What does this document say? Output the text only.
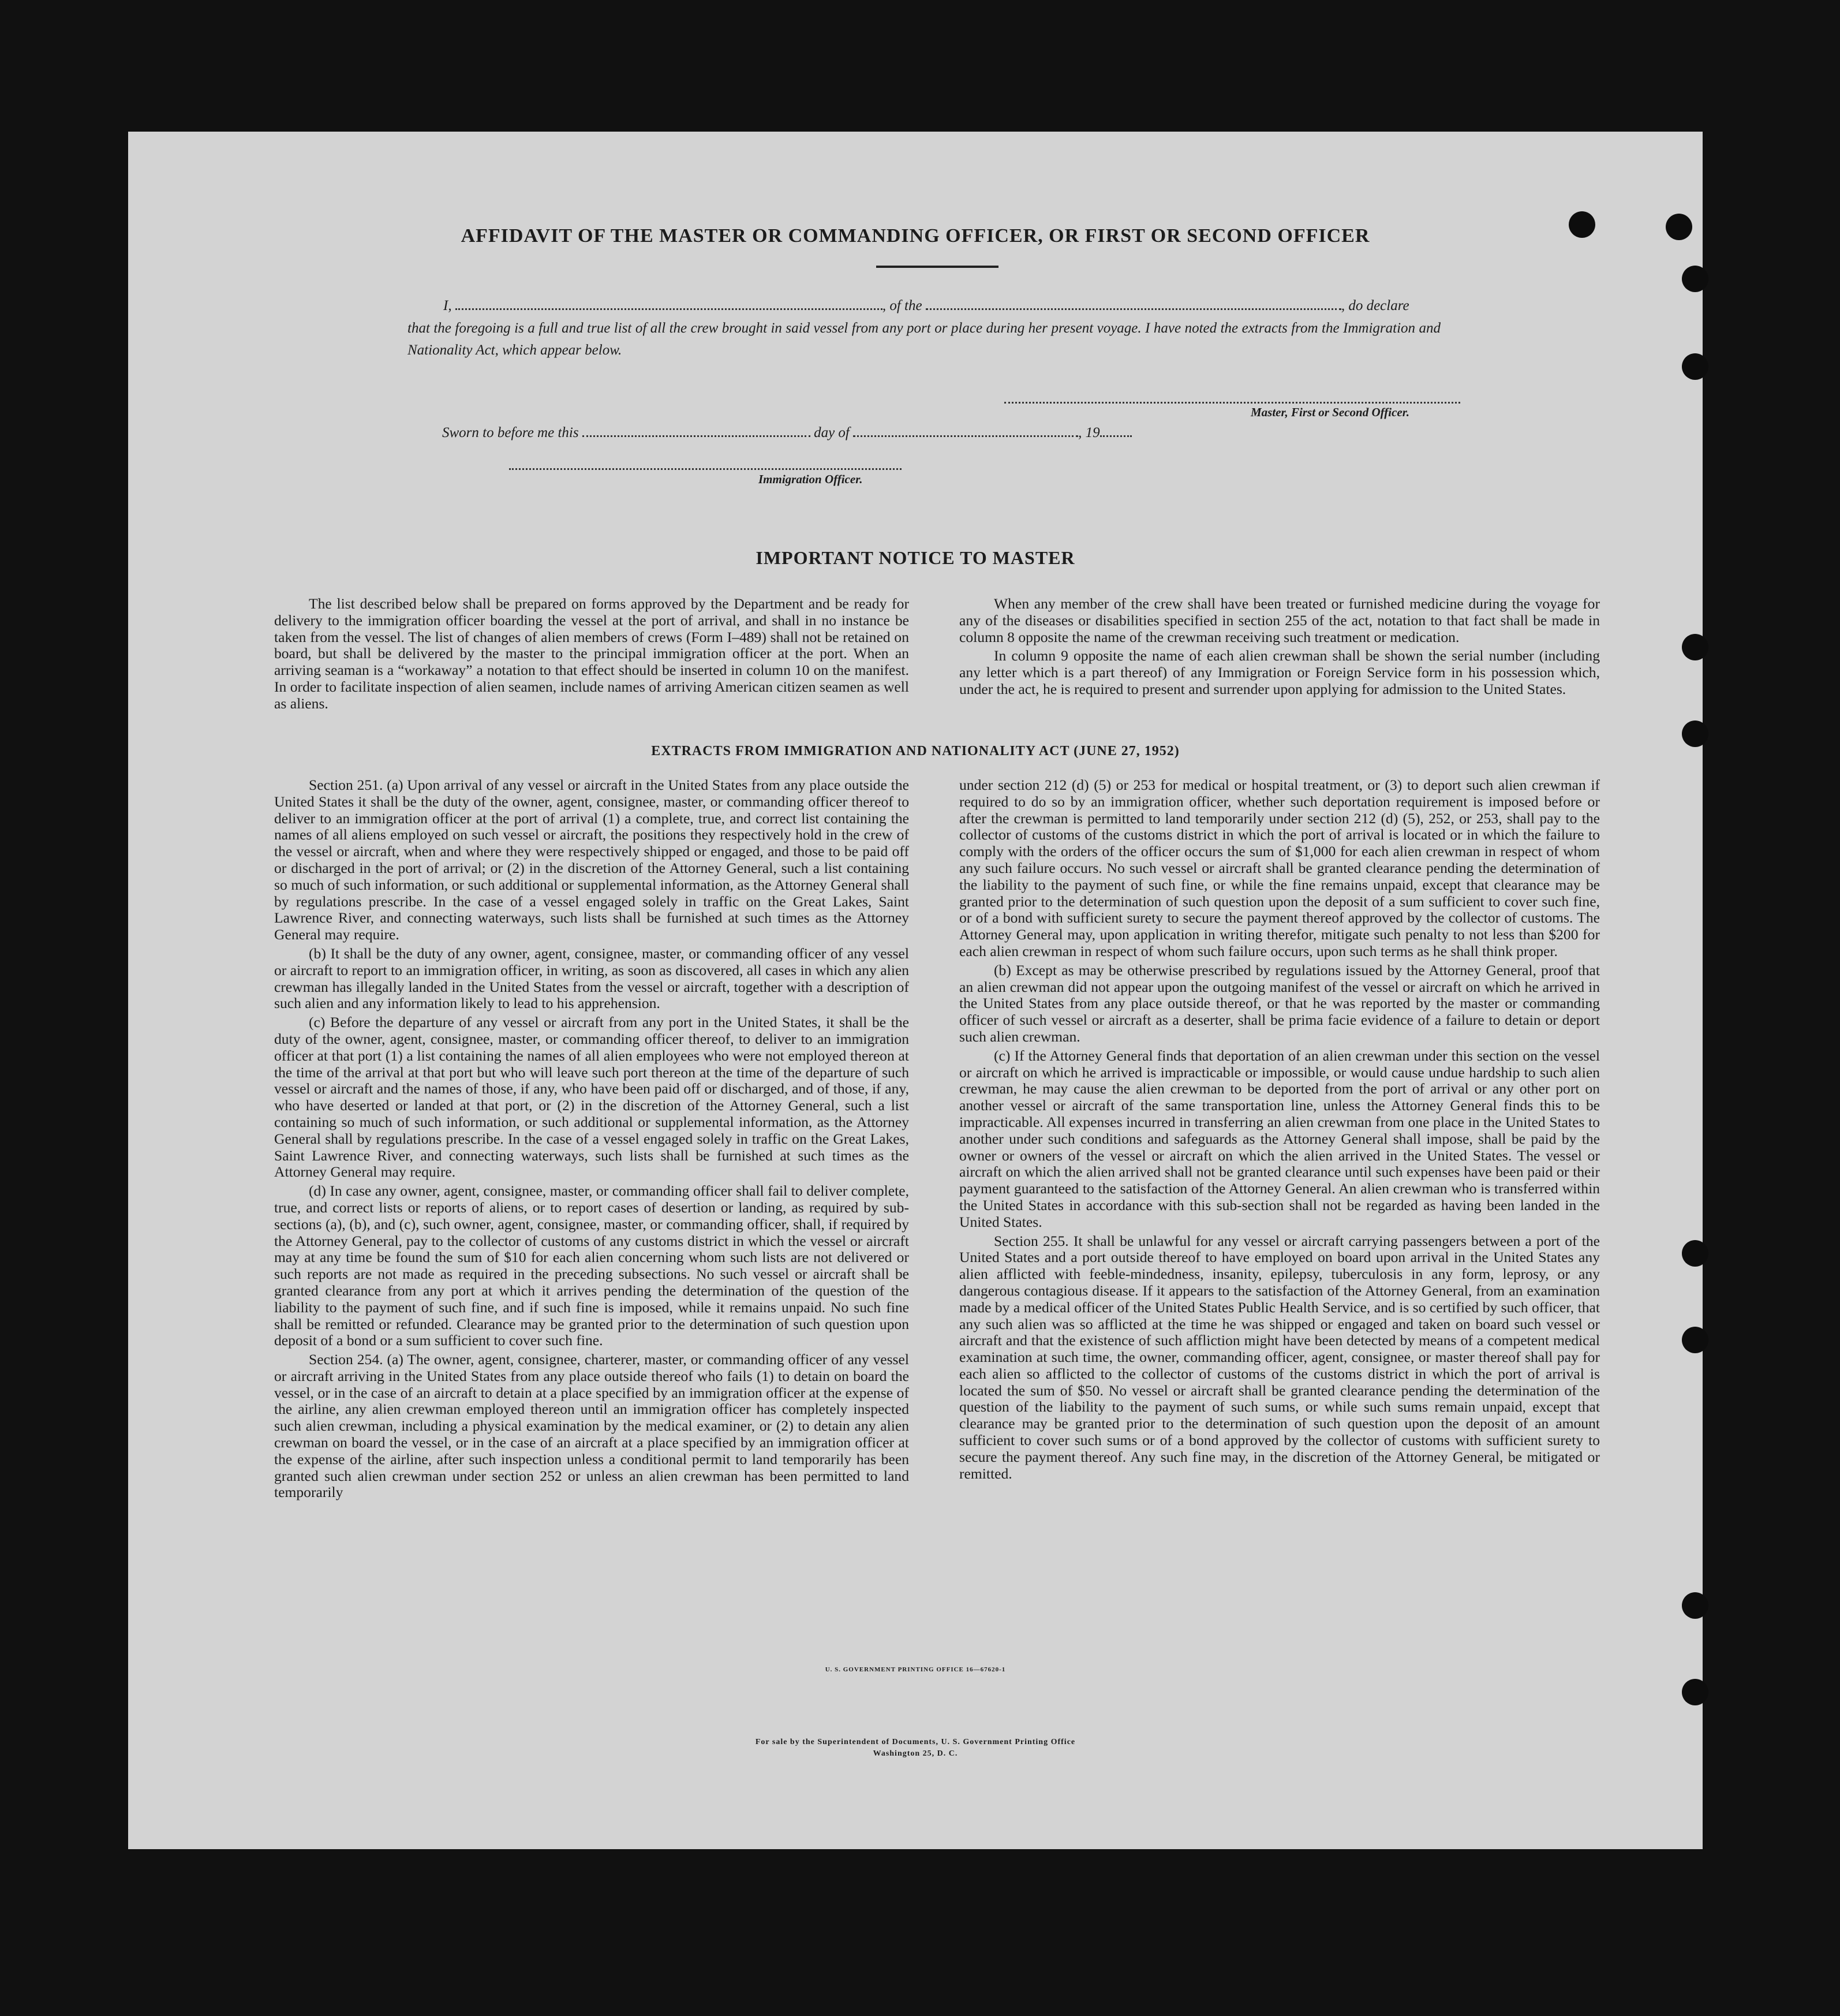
AFFIDAVIT OF THE MASTER OR COMMANDING OFFICER, OR FIRST OR SECOND OFFICER
I,	, of the	, do declare
that the foregoing is a full and true list of all the crew brought in said vessel from any port or place during her present voyage. I have noted the extracts from the Immigration and Nationality Act, which appear below.
Master, First or Second Officer.
Sworn to before me this	day of	, 19
Immigration Officer.
IMPORTANT NOTICE TO MASTER

The list described below shall be prepared on forms approved by the Department and be ready for delivery to the immigration officer boarding the vessel at the port of arrival, and shall in no instance be taken from the vessel. The list of changes of alien members of crews (Form I–489) shall not be retained on board, but shall be delivered by the master to the principal immigration officer at the port. When an arriving seaman is a “workaway” a notation to that effect should be inserted in column 10 on the manifest. In order to facilitate inspection of alien seamen, include names of arriving American citizen seamen as well as aliens.

When any member of the crew shall have been treated or furnished medicine during the voyage for any of the diseases or disabilities specified in section 255 of the act, notation to that fact shall be made in column 8 opposite the name of the crewman receiving such treatment or medication.

In column 9 opposite the name of each alien crewman shall be shown the serial number (including any letter which is a part thereof) of any Immigration or Foreign Service form in his possession which, under the act, he is required to present and surrender upon applying for admission to the United States.

EXTRACTS FROM IMMIGRATION AND NATIONALITY ACT (JUNE 27, 1952)

Section 251. (a) Upon arrival of any vessel or aircraft in the United States from any place outside the United States it shall be the duty of the owner, agent, consignee, master, or commanding officer thereof to deliver to an immigration officer at the port of arrival (1) a complete, true, and correct list containing the names of all aliens employed on such vessel or aircraft, the positions they respectively hold in the crew of the vessel or aircraft, when and where they were respectively shipped or engaged, and those to be paid off or discharged in the port of arrival; or (2) in the discretion of the Attorney General, such a list containing so much of such information, or such additional or supplemental information, as the Attorney General shall by regulations prescribe. In the case of a vessel engaged solely in traffic on the Great Lakes, Saint Lawrence River, and connecting waterways, such lists shall be furnished at such times as the Attorney General may require.

(b) It shall be the duty of any owner, agent, consignee, master, or commanding officer of any vessel or aircraft to report to an immigration officer, in writing, as soon as discovered, all cases in which any alien crewman has illegally landed in the United States from the vessel or aircraft, together with a description of such alien and any information likely to lead to his apprehension.

(c) Before the departure of any vessel or aircraft from any port in the United States, it shall be the duty of the owner, agent, consignee, master, or commanding officer thereof, to deliver to an immigration officer at that port (1) a list containing the names of all alien employees who were not employed thereon at the time of the arrival at that port but who will leave such port thereon at the time of the departure of such vessel or aircraft and the names of those, if any, who have been paid off or discharged, and of those, if any, who have deserted or landed at that port, or (2) in the discretion of the Attorney General, such a list containing so much of such information, or such additional or supplemental information, as the Attorney General shall by regulations prescribe. In the case of a vessel engaged solely in traffic on the Great Lakes, Saint Lawrence River, and connecting waterways, such lists shall be furnished at such times as the Attorney General may require.

(d) In case any owner, agent, consignee, master, or commanding officer shall fail to deliver complete, true, and correct lists or reports of aliens, or to report cases of desertion or landing, as required by sub-sections (a), (b), and (c), such owner, agent, consignee, master, or commanding officer, shall, if required by the Attorney General, pay to the collector of customs of any customs district in which the vessel or aircraft may at any time be found the sum of $10 for each alien concerning whom such lists are not delivered or such reports are not made as required in the preceding subsections. No such vessel or aircraft shall be granted clearance from any port at which it arrives pending the determination of the question of the liability to the payment of such fine, and if such fine is imposed, while it remains unpaid. No such fine shall be remitted or refunded. Clearance may be granted prior to the determination of such question upon deposit of a bond or a sum sufficient to cover such fine.

Section 254. (a) The owner, agent, consignee, charterer, master, or commanding officer of any vessel or aircraft arriving in the United States from any place outside thereof who fails (1) to detain on board the vessel, or in the case of an aircraft to detain at a place specified by an immigration officer at the expense of the airline, any alien crewman employed thereon until an immigration officer has completely inspected such alien crewman, including a physical examination by the medical examiner, or (2) to detain any alien crewman on board the vessel, or in the case of an aircraft at a place specified by an immigration officer at the expense of the airline, after such inspection unless a conditional permit to land temporarily has been granted such alien crewman under section 252 or unless an alien crewman has been permitted to land temporarily

under section 212 (d) (5) or 253 for medical or hospital treatment, or (3) to deport such alien crewman if required to do so by an immigration officer, whether such deportation requirement is imposed before or after the crewman is permitted to land temporarily under section 212 (d) (5), 252, or 253, shall pay to the collector of customs of the customs district in which the port of arrival is located or in which the failure to comply with the orders of the officer occurs the sum of $1,000 for each alien crewman in respect of whom any such failure occurs. No such vessel or aircraft shall be granted clearance pending the determination of the liability to the payment of such fine, or while the fine remains unpaid, except that clearance may be granted prior to the determination of such question upon the deposit of a sum sufficient to cover such fine, or of a bond with sufficient surety to secure the payment thereof approved by the collector of customs. The Attorney General may, upon application in writing therefor, mitigate such penalty to not less than $200 for each alien crewman in respect of whom such failure occurs, upon such terms as he shall think proper.

(b) Except as may be otherwise prescribed by regulations issued by the Attorney General, proof that an alien crewman did not appear upon the outgoing manifest of the vessel or aircraft on which he arrived in the United States from any place outside thereof, or that he was reported by the master or commanding officer of such vessel or aircraft as a deserter, shall be prima facie evidence of a failure to detain or deport such alien crewman.

(c) If the Attorney General finds that deportation of an alien crewman under this section on the vessel or aircraft on which he arrived is impracticable or impossible, or would cause undue hardship to such alien crewman, he may cause the alien crewman to be deported from the port of arrival or any other port on another vessel or aircraft of the same transportation line, unless the Attorney General finds this to be impracticable. All expenses incurred in transferring an alien crewman from one place in the United States to another under such conditions and safeguards as the Attorney General shall impose, shall be paid by the owner or owners of the vessel or aircraft on which the alien arrived in the United States. The vessel or aircraft on which the alien arrived shall not be granted clearance until such expenses have been paid or their payment guaranteed to the satisfaction of the Attorney General. An alien crewman who is transferred within the United States in accordance with this sub-section shall not be regarded as having been landed in the United States.

Section 255. It shall be unlawful for any vessel or aircraft carrying passengers between a port of the United States and a port outside thereof to have employed on board upon arrival in the United States any alien afflicted with feeble-mindedness, insanity, epilepsy, tuberculosis in any form, leprosy, or any dangerous contagious disease. If it appears to the satisfaction of the Attorney General, from an examination made by a medical officer of the United States Public Health Service, and is so certified by such officer, that any such alien was so afflicted at the time he was shipped or engaged and taken on board such vessel or aircraft and that the existence of such affliction might have been detected by means of a competent medical examination at such time, the owner, commanding officer, agent, consignee, or master thereof shall pay for each alien so afflicted to the collector of customs of the customs district in which the port of arrival is located the sum of $50. No vessel or aircraft shall be granted clearance pending the determination of the question of the liability to the payment of such sums, or while such sums remain unpaid, except that clearance may be granted prior to the determination of such question upon the deposit of an amount sufficient to cover such sums or of a bond approved by the collector of customs with sufficient surety to secure the payment thereof. Any such fine may, in the discretion of the Attorney General, be mitigated or remitted.

U. S. GOVERNMENT PRINTING OFFICE 16—67620-1
For sale by the Superintendent of Documents, U. S. Government Printing Office
Washington 25, D. C.
